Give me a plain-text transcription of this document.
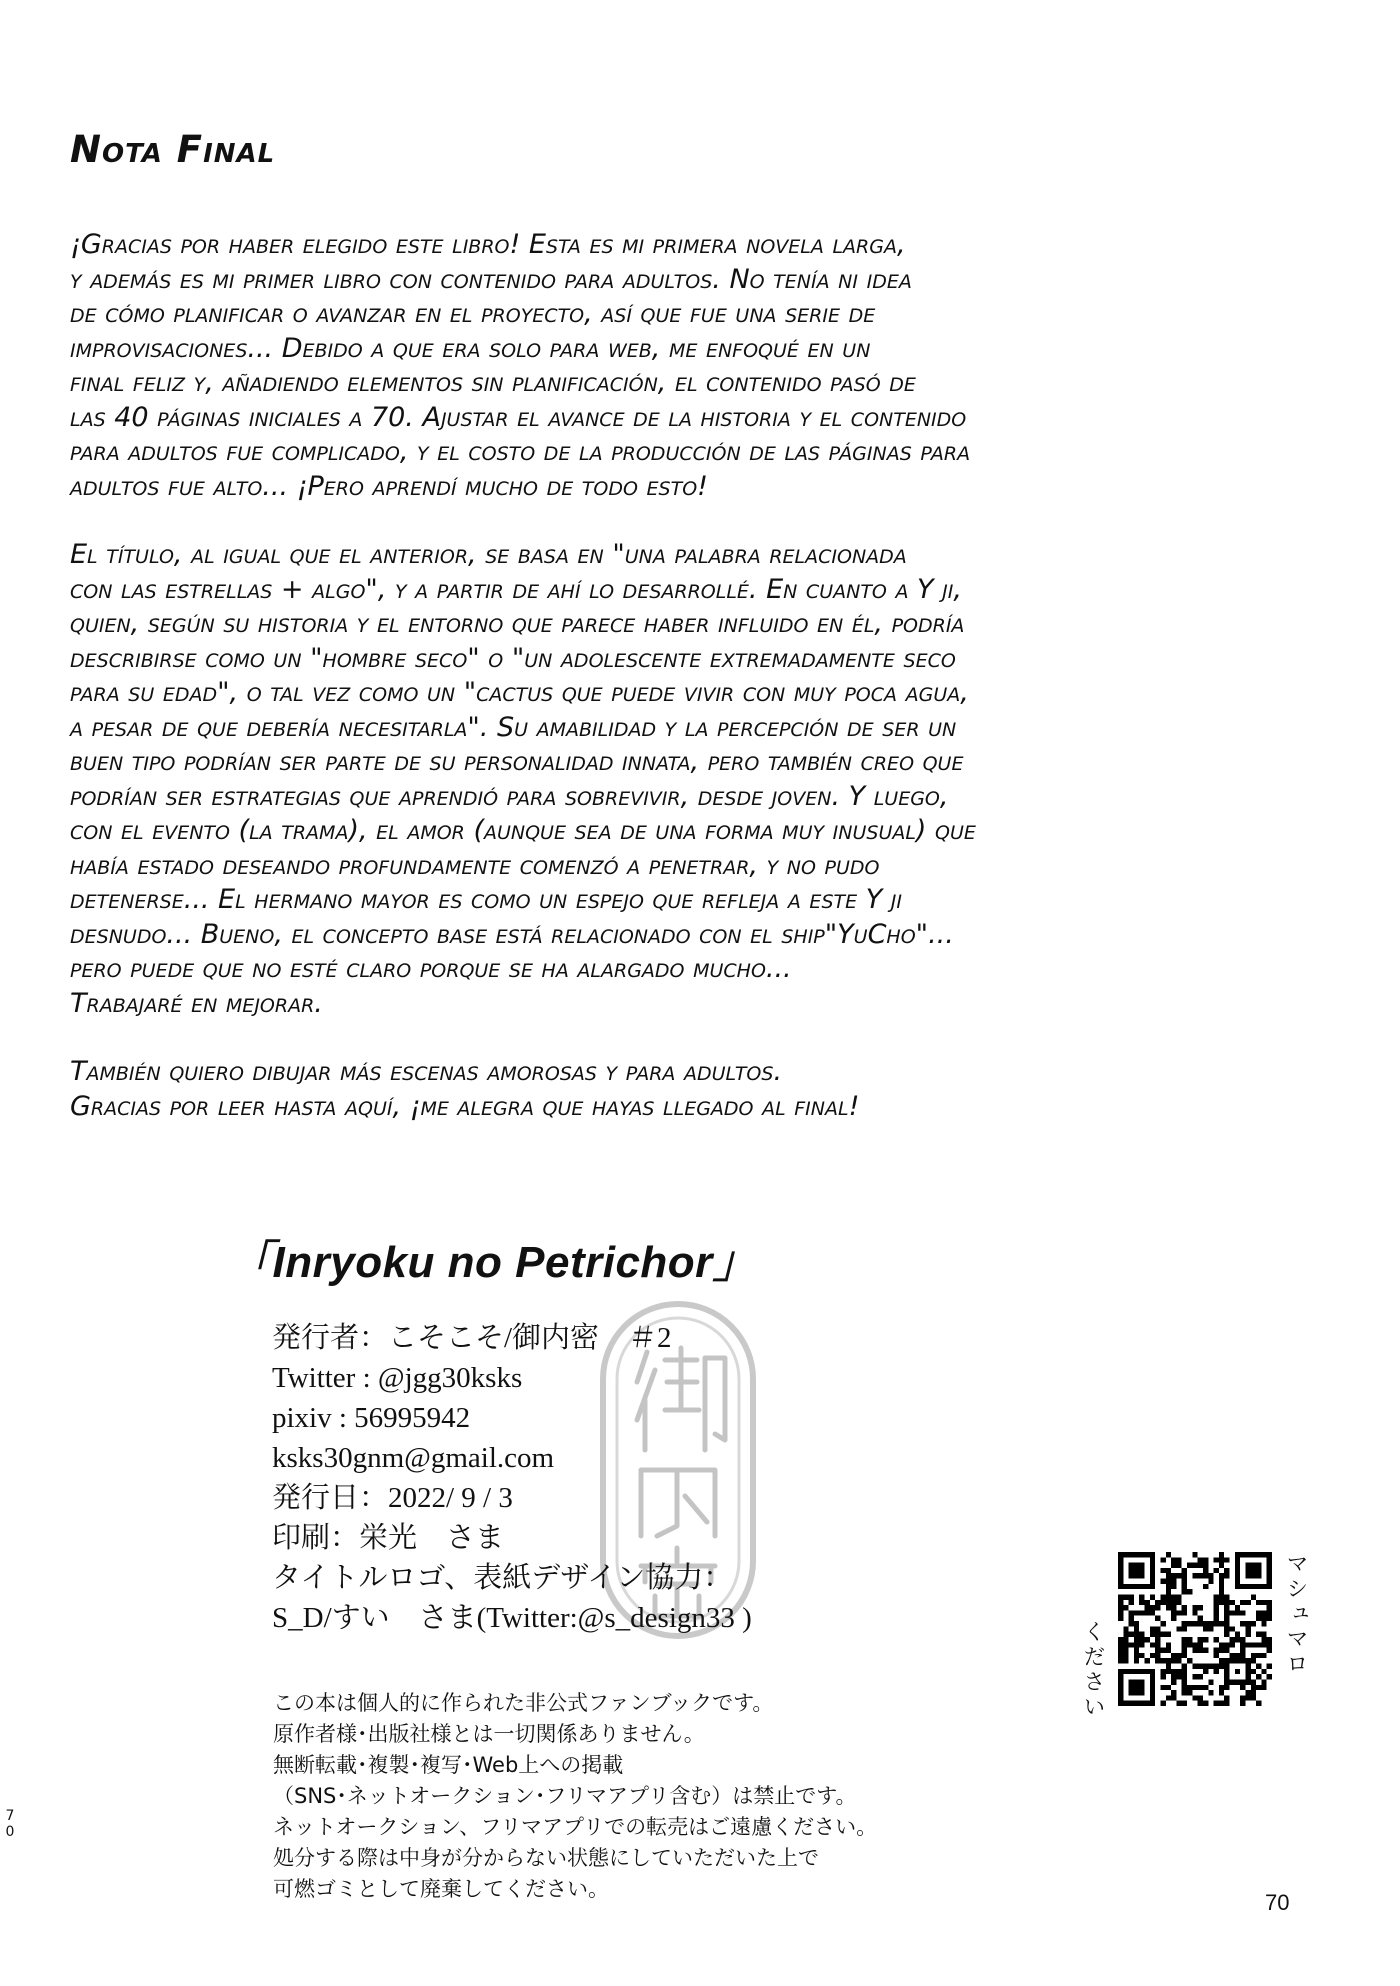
Nota Final

¡Gracias por haber elegido este libro! Esta es mi primera novela larga,
y además es mi primer libro con contenido para adultos. No tenía ni idea
de cómo planificar o avanzar en el proyecto, así que fue una serie de
improvisaciones... Debido a que era solo para web, me enfoqué en un
final feliz y, añadiendo elementos sin planificación, el contenido pasó de
las 40 páginas iniciales a 70. Ajustar el avance de la historia y el contenido
para adultos fue complicado, y el costo de la producción de las páginas para
adultos fue alto... ¡Pero aprendí mucho de todo esto!

El título, al igual que el anterior, se basa en "una palabra relacionada
con las estrellas + algo", y a partir de ahí lo desarrollé. En cuanto a Y ji,
quien, según su historia y el entorno que parece haber influido en él, podría
describirse como un "hombre seco" o "un adolescente extremadamente seco
para su edad", o tal vez como un "cactus que puede vivir con muy poca agua,
a pesar de que debería necesitarla". Su amabilidad y la percepción de ser un
buen tipo podrían ser parte de su personalidad innata, pero también creo que
podrían ser estrategias que aprendió para sobrevivir, desde joven. Y luego,
con el evento (la trama), el amor (aunque sea de una forma muy inusual) que
había estado deseando profundamente comenzó a penetrar, y no pudo
detenerse... El hermano mayor es como un espejo que refleja a este Y ji
desnudo... Bueno, el concepto base está relacionado con el ship"YuCho"...
pero puede que no esté claro porque se ha alargado mucho...
Trabajaré en mejorar.

También quiero dibujar más escenas amorosas y para adultos.
Gracias por leer hasta aquí, ¡me alegra que hayas llegado al final!

「Inryoku no Petrichor」
発行者：こそこそ/御内密　＃2
Twitter : @jgg30ksks
pixiv : 56995942
ksks30gnm@gmail.com
発行日：2022/ 9 / 3
印刷：栄光　さま
タイトルロゴ、表紙デザイン協力：
S_D/すい　さま(Twitter:@s_design33 )
この本は個人的に作られた非公式ファンブックです。
原作者様･出版社様とは一切関係ありません。
無断転載･複製･複写･Web上への掲載
（SNS･ネットオークション･フリマアプリ含む）は禁止です。
ネットオークション、フリマアプリでの転売はご遠慮ください。
処分する際は中身が分からない状態にしていただいた上で
可燃ゴミとして廃棄してください。
マシュマロ
ください
70
70
